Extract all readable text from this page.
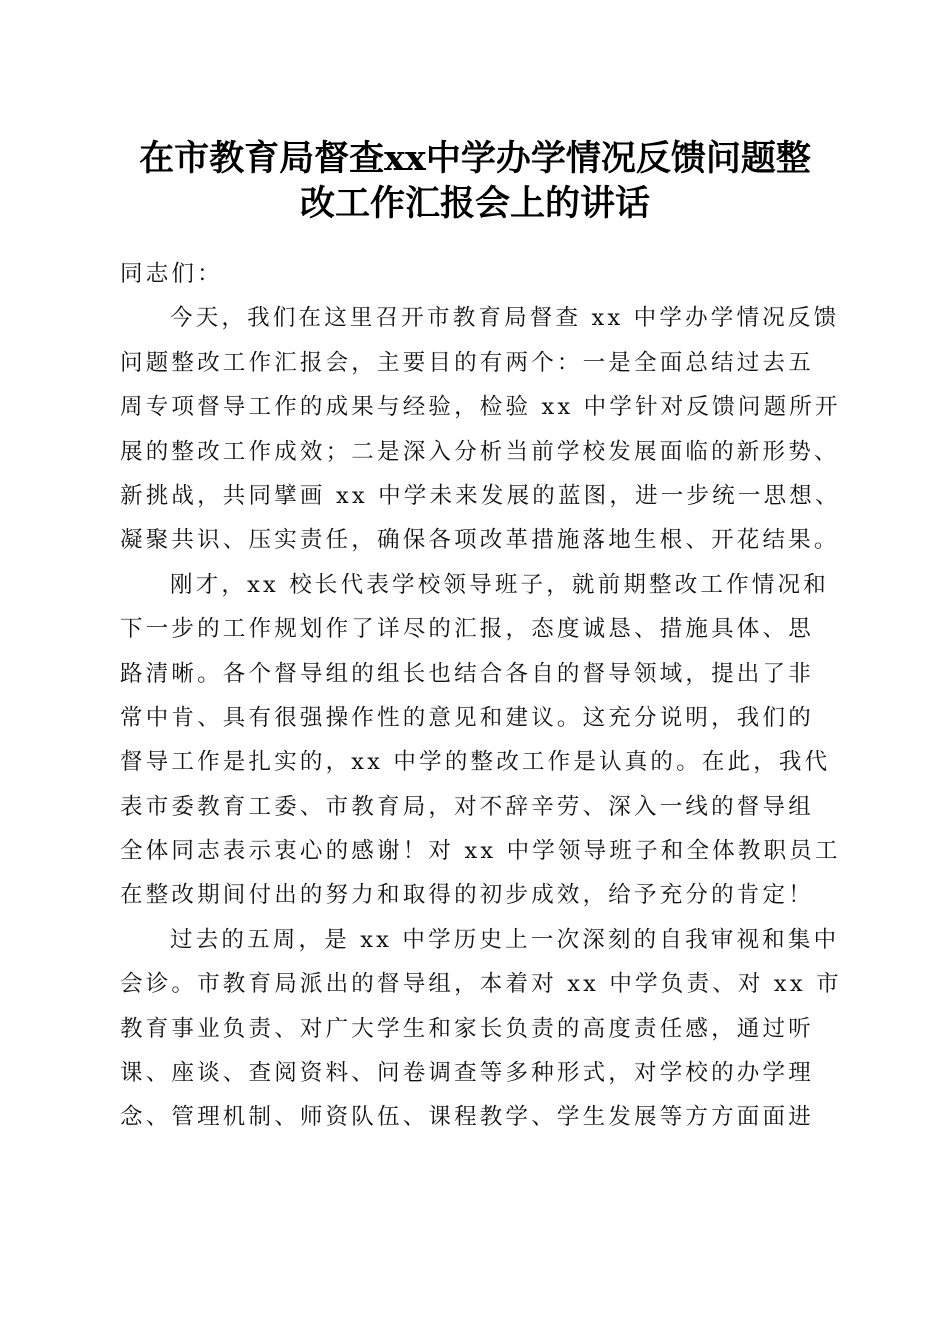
在市教育局督查xx中学办学情况反馈问题整
改工作汇报会上的讲话
同志们：
今天，我们在这里召开市教育局督查 xx 中学办学情况反馈
问题整改工作汇报会，主要目的有两个：一是全面总结过去五
周专项督导工作的成果与经验，检验 xx 中学针对反馈问题所开
展的整改工作成效；二是深入分析当前学校发展面临的新形势、
新挑战，共同擘画 xx 中学未来发展的蓝图，进一步统一思想、
凝聚共识、压实责任，确保各项改革措施落地生根、开花结果。
刚才，xx 校长代表学校领导班子，就前期整改工作情况和
下一步的工作规划作了详尽的汇报，态度诚恳、措施具体、思
路清晰。各个督导组的组长也结合各自的督导领域，提出了非
常中肯、具有很强操作性的意见和建议。这充分说明，我们的
督导工作是扎实的，xx 中学的整改工作是认真的。在此，我代
表市委教育工委、市教育局，对不辞辛劳、深入一线的督导组
全体同志表示衷心的感谢！对 xx 中学领导班子和全体教职员工
在整改期间付出的努力和取得的初步成效，给予充分的肯定！
过去的五周，是 xx 中学历史上一次深刻的自我审视和集中
会诊。市教育局派出的督导组，本着对 xx 中学负责、对 xx 市
教育事业负责、对广大学生和家长负责的高度责任感，通过听
课、座谈、查阅资料、问卷调查等多种形式，对学校的办学理
念、管理机制、师资队伍、课程教学、学生发展等方方面面进
